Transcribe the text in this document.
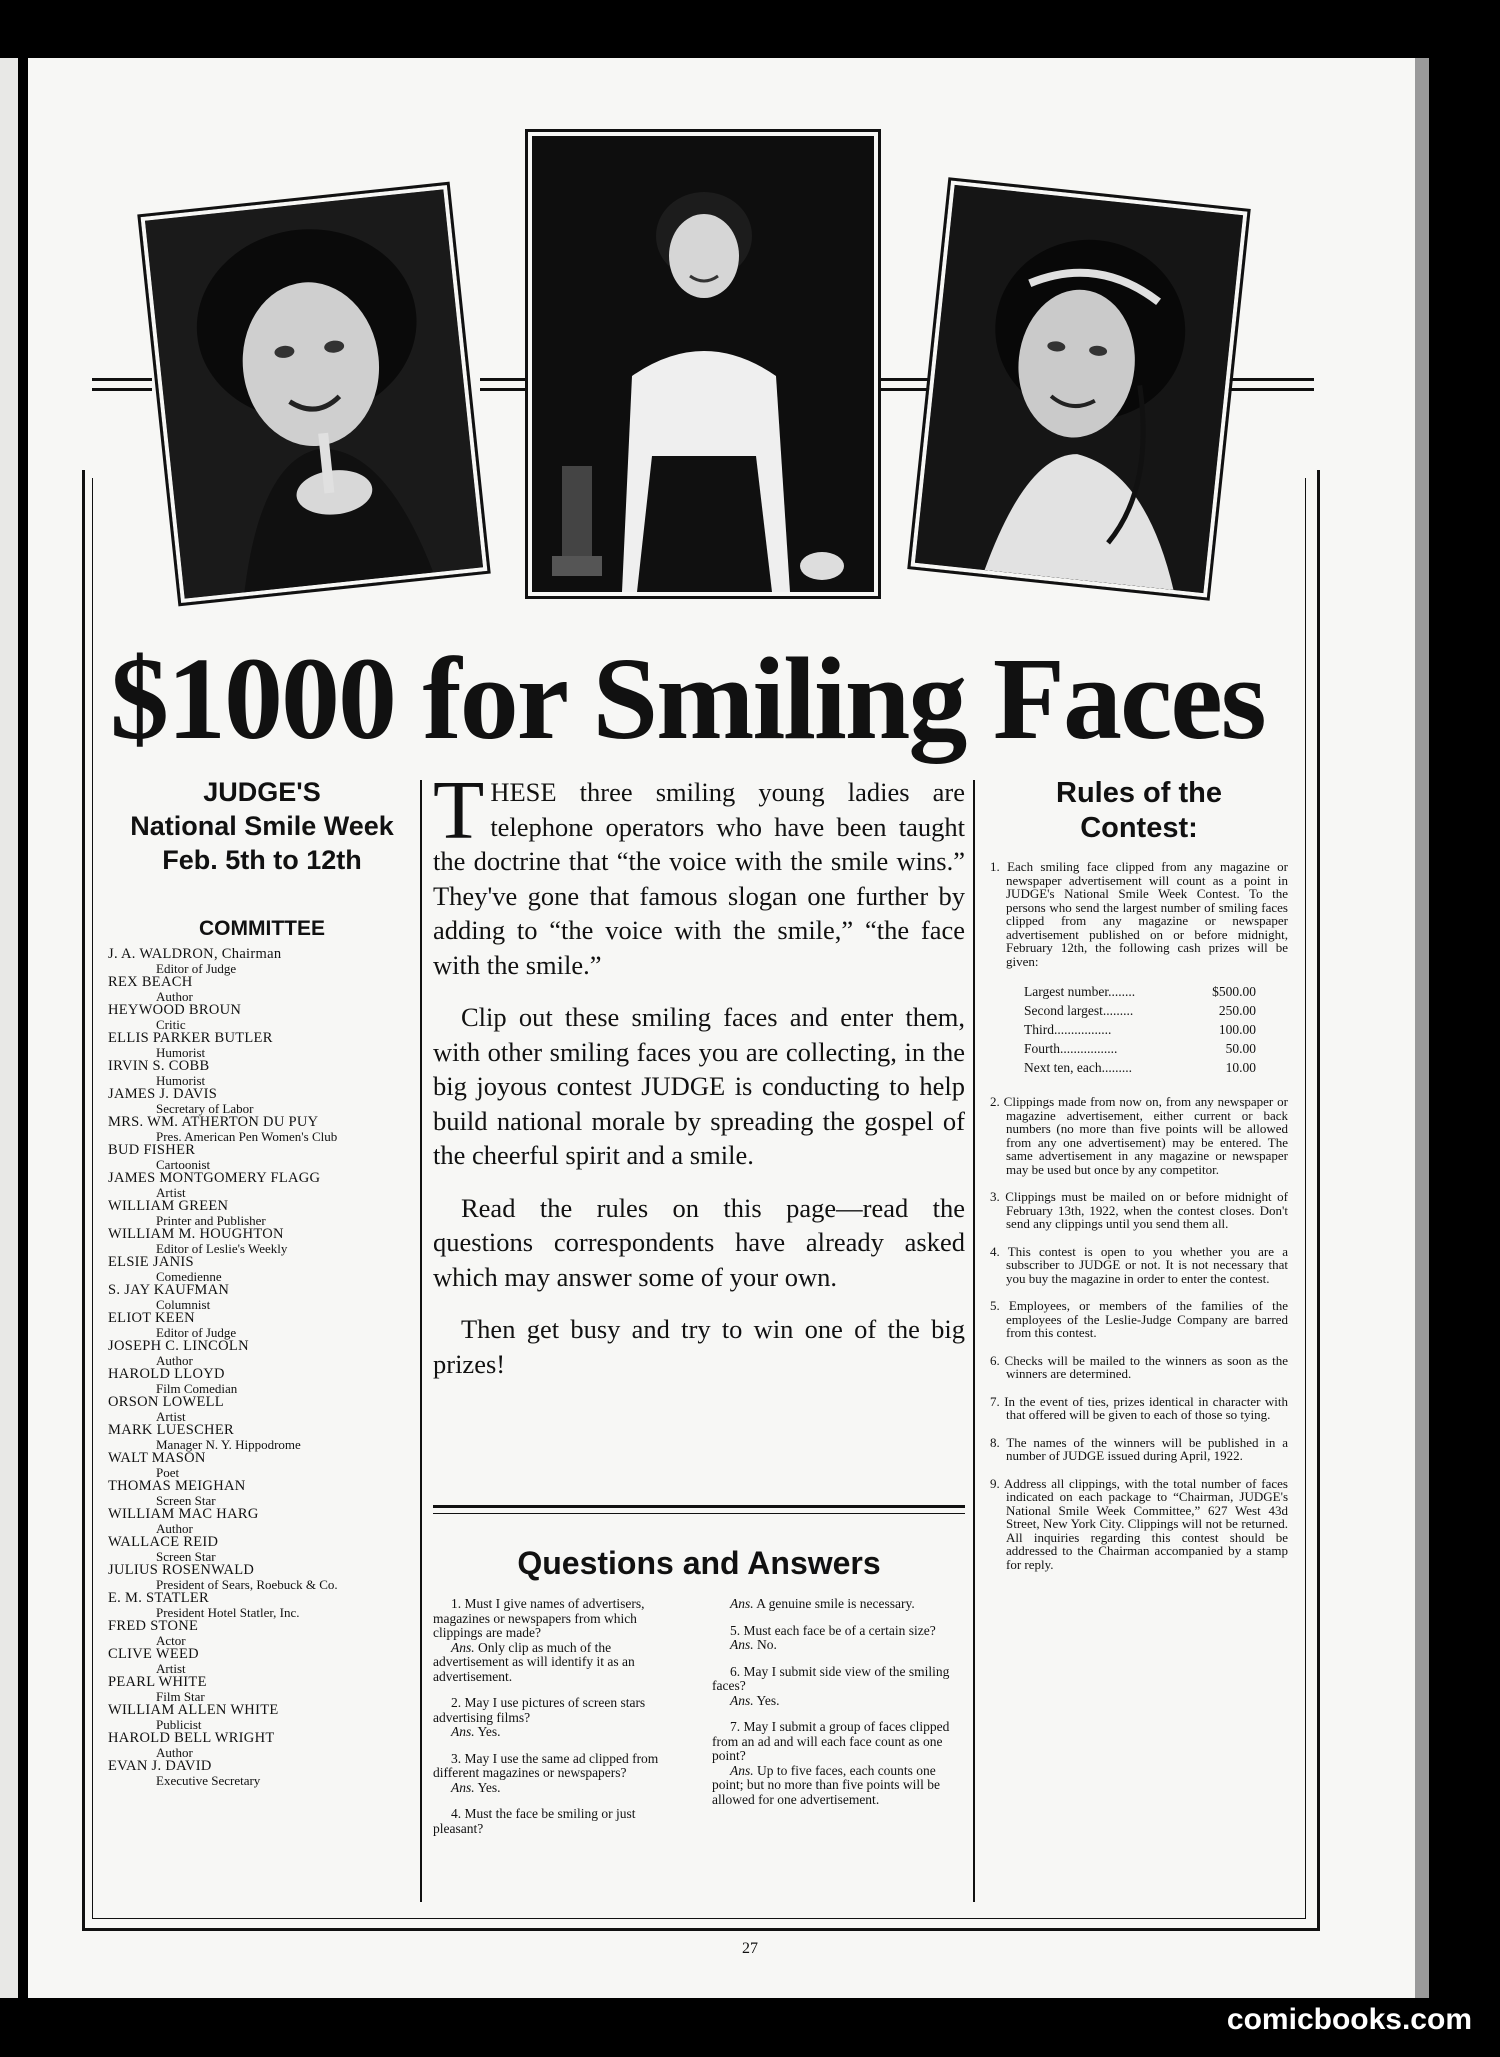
$1000 for Smiling Faces
JUDGE'S
National Smile Week
Feb. 5th to 12th
COMMITTEE
J. A. WALDRON, Chairman
Editor of Judge
REX BEACH
Author
HEYWOOD BROUN
Critic
ELLIS PARKER BUTLER
Humorist
IRVIN S. COBB
Humorist
JAMES J. DAVIS
Secretary of Labor
MRS. WM. ATHERTON DU PUY
Pres. American Pen Women's Club
BUD FISHER
Cartoonist
JAMES MONTGOMERY FLAGG
Artist
WILLIAM GREEN
Printer and Publisher
WILLIAM M. HOUGHTON
Editor of Leslie's Weekly
ELSIE JANIS
Comedienne
S. JAY KAUFMAN
Columnist
ELIOT KEEN
Editor of Judge
JOSEPH C. LINCOLN
Author
HAROLD LLOYD
Film Comedian
ORSON LOWELL
Artist
MARK LUESCHER
Manager N. Y. Hippodrome
WALT MASON
Poet
THOMAS MEIGHAN
Screen Star
WILLIAM MAC HARG
Author
WALLACE REID
Screen Star
JULIUS ROSENWALD
President of Sears, Roebuck & Co.
E. M. STATLER
President Hotel Statler, Inc.
FRED STONE
Actor
CLIVE WEED
Artist
PEARL WHITE
Film Star
WILLIAM ALLEN WHITE
Publicist
HAROLD BELL WRIGHT
Author
EVAN J. DAVID
Executive Secretary

THESE three smiling young ladies are telephone operators who have been taught the doctrine that “the voice with the smile wins.” They've gone that famous slogan one further by adding to “the voice with the smile,” “the face with the smile.”

Clip out these smiling faces and enter them, with other smiling faces you are collecting, in the big joyous contest JUDGE is conducting to help build national morale by spreading the gospel of the cheerful spirit and a smile.

Read the rules on this page—read the questions correspondents have already asked which may answer some of your own.

Then get busy and try to win one of the big prizes!

Questions and Answers

1. Must I give names of advertisers, magazines or newspapers from which clippings are made?

Ans. Only clip as much of the advertisement as will identify it as an advertisement.

2. May I use pictures of screen stars advertising films?

Ans. Yes.

3. May I use the same ad clipped from different magazines or newspapers?

Ans. Yes.

4. Must the face be smiling or just pleasant?

Ans. A genuine smile is necessary.

5. Must each face be of a certain size?

Ans. No.

6. May I submit side view of the smiling faces?

Ans. Yes.

7. May I submit a group of faces clipped from an ad and will each face count as one point?

Ans. Up to five faces, each counts one point; but no more than five points will be allowed for one advertisement.

Rules of the
Contest:

1. Each smiling face clipped from any magazine or newspaper advertisement will count as a point in JUDGE's National Smile Week Contest. To the persons who send the largest number of smiling faces clipped from any magazine or newspaper advertisement published on or before midnight, February 12th, the following cash prizes will be given:

Largest number........	$500.00
Second largest.........	250.00
Third.................	100.00
Fourth.................	50.00
Next ten, each.........	10.00

2. Clippings made from now on, from any newspaper or magazine advertisement, either current or back numbers (no more than five points will be allowed from any one advertisement) may be entered. The same advertisement in any magazine or newspaper may be used but once by any competitor.

3. Clippings must be mailed on or before midnight of February 13th, 1922, when the contest closes. Don't send any clippings until you send them all.

4. This contest is open to you whether you are a subscriber to JUDGE or not. It is not necessary that you buy the magazine in order to enter the contest.

5. Employees, or members of the families of the employees of the Leslie-Judge Company are barred from this contest.

6. Checks will be mailed to the winners as soon as the winners are determined.

7. In the event of ties, prizes identical in character with that offered will be given to each of those so tying.

8. The names of the winners will be published in a number of JUDGE issued during April, 1922.

9. Address all clippings, with the total number of faces indicated on each package to “Chairman, JUDGE's National Smile Week Committee,” 627 West 43d Street, New York City. Clippings will not be returned. All inquiries regarding this contest should be addressed to the Chairman accompanied by a stamp for reply.

27
comicbooks.com
